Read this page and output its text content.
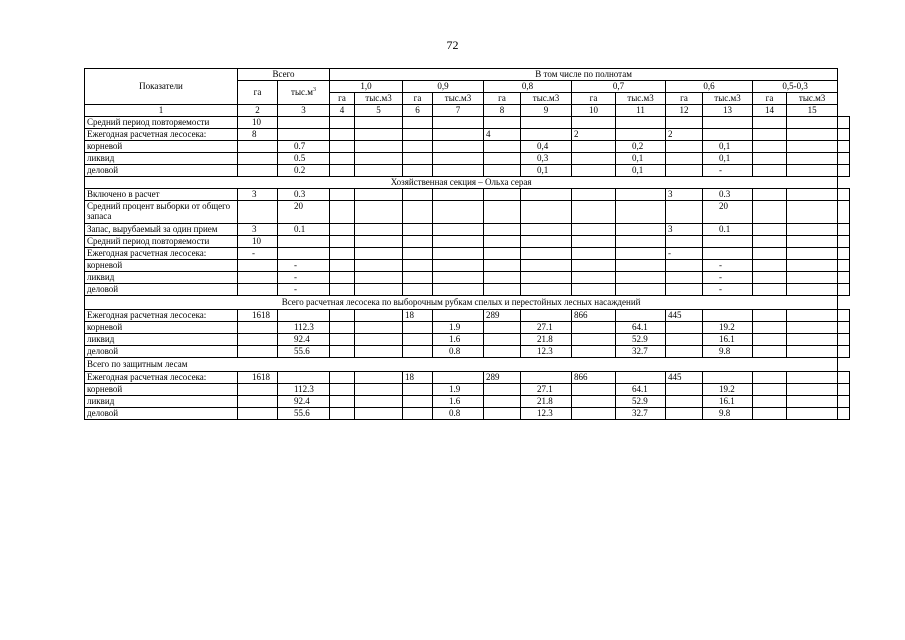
72
Показатели	Всего		В том числе по полнотам												
	га	$тыс.м^3$	1,0		0,9		0,8		0,7		0,6		0,5-0,3		
			га	тыс.м3	га	тыс.м3	га	тыс.м3	га	тыс.м3	га	тыс.м3	га	тыс.м3	
1	2	3	4	5	6	7	8	9	10	11	12	13	14	15	
Средний период повторяемости	10														
Ежегодная расчетная лесосека:	8						4		2		2				
корневой		0.7						0,4		0,2		0,1			
ликвид		0.5						0,3		0,1		0,1			
деловой		0.2						0,1		0,1		-			
Хозяйственная секция – Ольха серая															
Включено в расчет	3	0.3									3	0.3			
Средний процент выборки от общего запаса		20										20			
Запас, вырубаемый за один прием	3	0.1									3	0.1			
Средний период повторяемости	10														
Ежегодная расчетная лесосека:	-										-				
корневой		-										-			
ликвид		-										-			
деловой		-										-			
Всего расчетная лесосека по выборочным рубкам спелых и перестойных лесных насаждений															
Ежегодная расчетная лесосека:	1618				18		289		866		445				
корневой		112.3				1.9		27.1		64.1		19.2			
ликвид		92.4				1.6		21.8		52.9		16.1			
деловой		55.6				0.8		12.3		32.7		9.8			
Всего по защитным лесам															
Ежегодная расчетная лесосека:	1618				18		289		866		445				
корневой		112.3				1.9		27.1		64.1		19.2			
ликвид		92.4				1.6		21.8		52.9		16.1			
деловой		55.6				0.8		12.3		32.7		9.8			
